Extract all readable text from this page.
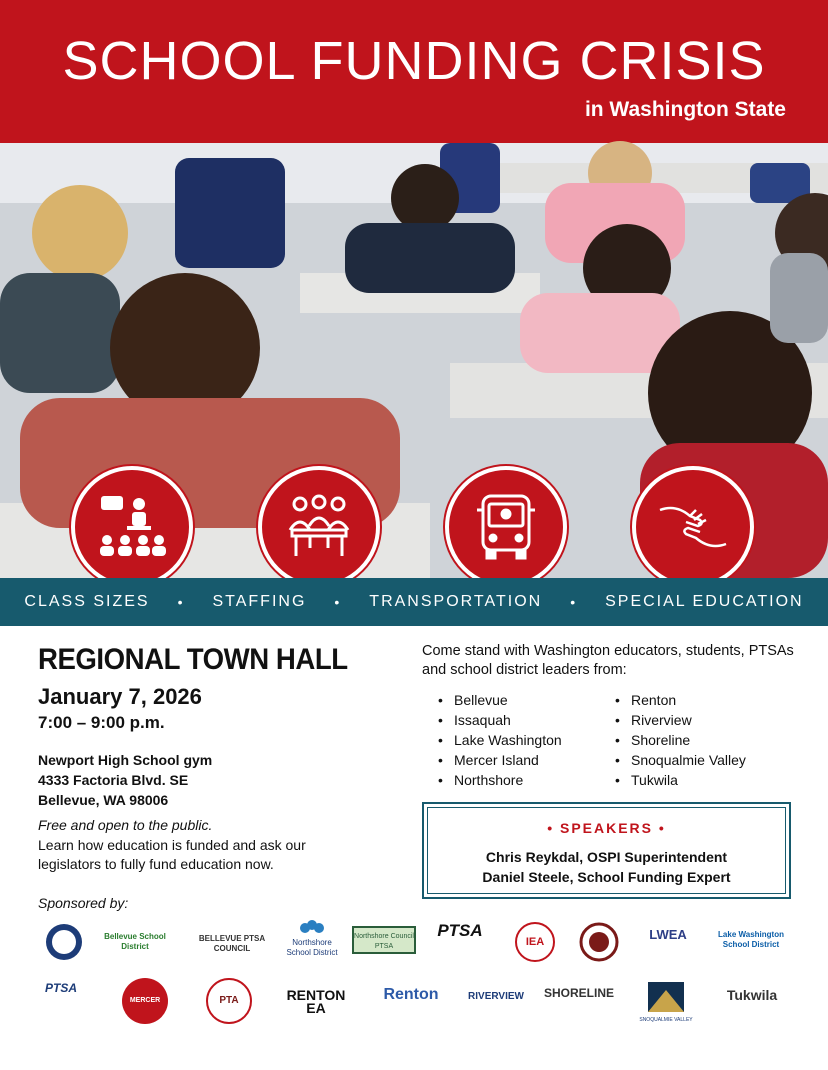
SCHOOL FUNDING CRISIS
in Washington State
CLASS SIZES • STAFFING • TRANSPORTATION • SPECIAL EDUCATION
REGIONAL TOWN HALL
January 7, 2026
7:00 – 9:00 p.m.
Newport High School gym
4333 Factoria Blvd. SE
Bellevue, WA 98006
Free and open to the public.
Learn how education is funded and ask our legislators to fully fund education now.
Sponsored by:
Come stand with Washington educators, students, PTSAs and school district leaders from:
• Bellevue
• Issaquah
• Lake Washington
• Mercer Island
• Northshore
• Renton
• Riverview
• Shoreline
• Snoqualmie Valley
• Tukwila
• SPEAKERS •
Chris Reykdal, OSPI Superintendent
Daniel Steele, School Funding Expert
Bellevue School District
BELLEVUE PTSA COUNCIL
Northshore School District
Northshore Council PTSA
PTSA
IEA	LWEA	Lake Washington School District
PTSA
MERCER ISLAND
PTA	RENTON EA
Renton	RIVERVIEW	SHORELINE
SNOQUALMIE VALLEY
Tukwila
